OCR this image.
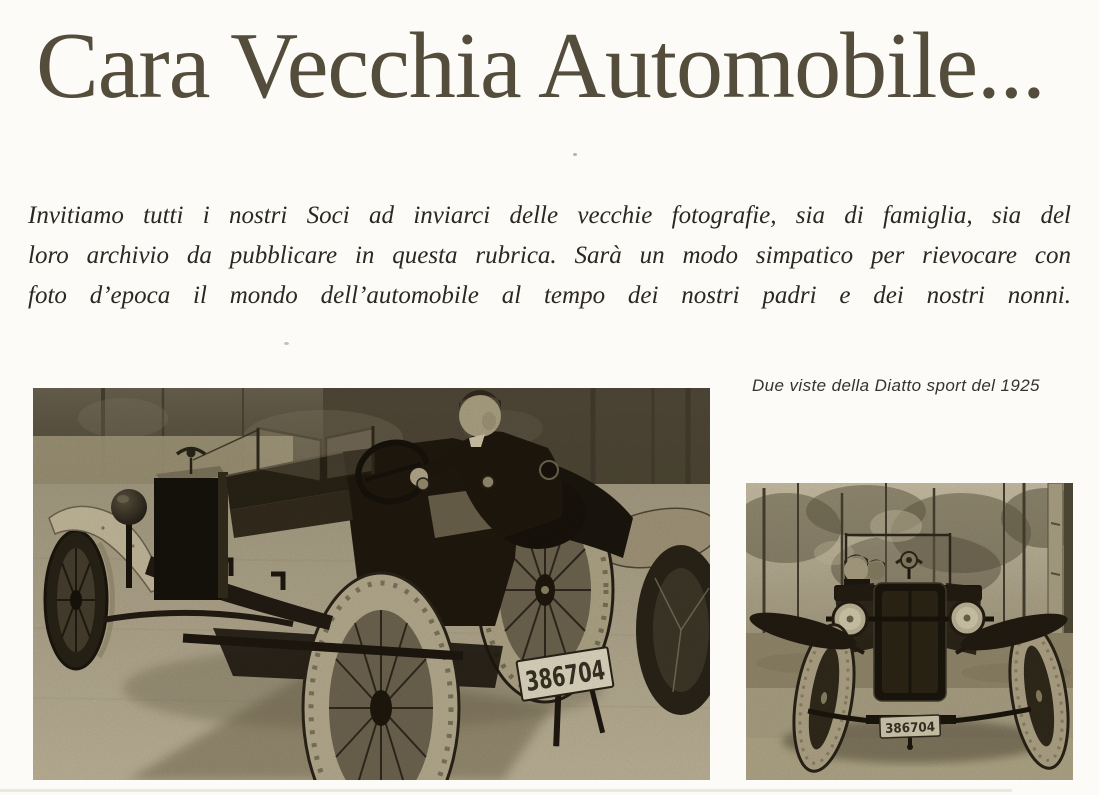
Cara Vecchia Automobile...
Invitiamo tutti i nostri Soci ad inviarci delle vecchie fotografie, sia di famiglia, sia del
loro archivio da pubblicare in questa rubrica. Sarà un modo simpatico per rievocare con
foto d’epoca il mondo dell’automobile al tempo dei nostri padri e dei nostri nonni.
Due viste della Diatto sport del 1925
386704
386704
